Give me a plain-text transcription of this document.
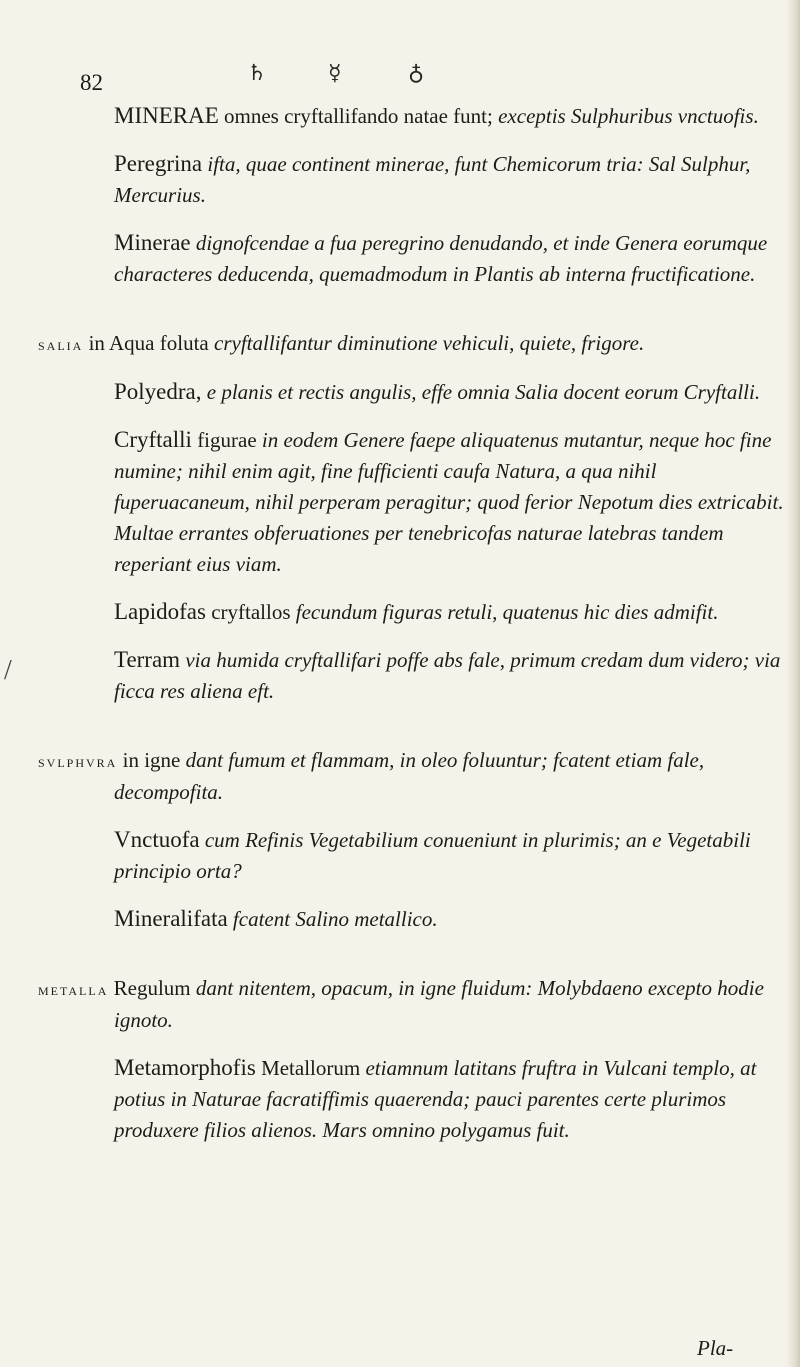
82	♄	☿	♁
/

MINERAE omnes cryftallifando natae funt; exceptis Sulphuribus vnctuofis.

Peregrina ifta, quae continent minerae, funt Chemicorum tria: Sal Sulphur, Mercurius.

Minerae dignofcendae a fua peregrino denudando, et inde Genera eorumque characteres deducenda, quemadmodum in Plantis ab interna fructificatione.

salia in Aqua foluta cryftallifantur diminutione vehiculi, quiete, frigore.

Polyedra, e planis et rectis angulis, effe omnia Salia docent eorum Cryftalli.

Cryftalli figurae in eodem Genere faepe aliquatenus mutantur, neque hoc fine numine; nihil enim agit, fine fufficienti caufa Natura, a qua nihil fuperuacaneum, nihil perperam peragitur; quod ferior Nepotum dies extricabit. Multae errantes obferuationes per tenebricofas naturae latebras tandem reperiant eius viam.

Lapidofas cryftallos fecundum figuras retuli, quatenus hic dies admifit.

Terram via humida cryftallifari poffe abs fale, primum credam dum videro; via ficca res aliena eft.

svlphvra in igne dant fumum et flammam, in oleo foluuntur; fcatent etiam fale, decompofita.

Vnctuofa cum Refinis Vegetabilium conueniunt in plurimis; an e Vegetabili principio orta?

Mineralifata fcatent Salino metallico.

metalla Regulum dant nitentem, opacum, in igne fluidum: Molybdaeno excepto hodie ignoto.

Metamorphofis Metallorum etiamnum latitans fruftra in Vulcani templo, at potius in Naturae facratiffimis quaerenda; pauci parentes certe plurimos produxere filios alienos. Mars omnino polygamus fuit.

Pla-
